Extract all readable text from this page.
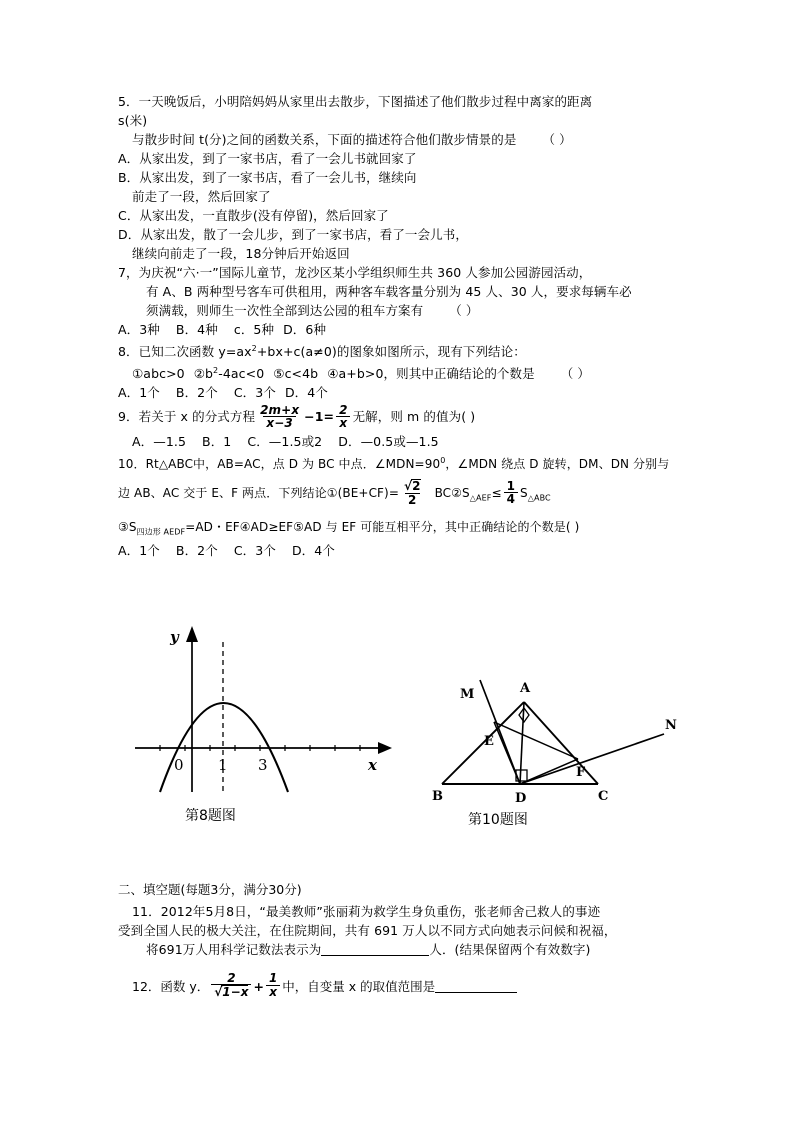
5．一天晚饭后，小明陪妈妈从家里出去散步，下图描述了他们散步过程中离家的距离
s(米)
与散步时间 t(分)之间的函数关系，下面的描述符合他们散步情景的是 （ ）
A．从家出发，到了一家书店，看了一会儿书就回家了
B．从家出发，到了一家书店，看了一会儿书，继续向
前走了一段，然后回家了
C．从家出发，一直散步(没有停留)，然后回家了
D．从家出发，散了一会儿步，到了一家书店，看了一会儿书，
继续向前走了一段，18分钟后开始返回
7，为庆祝“六·一”国际儿童节，龙沙区某小学组织师生共 360 人参加公园游园活动，
有 A、B 两种型号客车可供租用，两种客车载客量分别为 45 人、30 人，要求每辆车必
须满载，则师生一次性全部到达公园的租车方案有 （ ）
A．3种 B．4种 c．5种 D．6种
8．已知二次函数 $y=ax^2+bx+c(a\ne 0)$的图象如图所示，现有下列结论：
①abc>0 $②b^2-4ac<0$ ⑤c<4b ④a+b>0，则其中正确结论的个数是 （ ）
A．1个 B．2个 C．3个 D．4个
9．若关于 x 的分式方程 $\frac{2m+x}{x-3} -1= \frac{2}{x}$ 无解，则 m 的值为( )
A．—1.5 B．1 C．—1.5或2 D．—0.5或—1.5
10．Rt△ABC中，AB=AC，点 D 为 BC 中点．$\angle MDN=90^0$，∠MDN 绕点 D 旋转，DM、DN 分别与
边 AB、AC 交于 E、F 两点．下列结论①(BE+CF)= $\frac{√2}{2}$ $BC②S_{\triangle AEF}\le \frac{1}{4} S_{\triangle ABC}$
$③S_{四边形 AEDF}=AD$・EF④AD≥EF⑤AD 与 EF 可能互相平分，其中正确结论的个数是( )
A．1个 B．2个 C．3个 D．4个
y
x
0 1 3
第8题图
M	A
N
E
F
B	D	C
第10题图
二、填空题(每题3分，满分30分)
11．2012年5月8日，“最美教师”张丽莉为救学生身负重伤，张老师舍己救人的事迹
受到全国人民的极大关注，在住院期间，共有 691 万人以不同方式向她表示问候和祝福，
将691万人用科学记数法表示为	人．(结果保留两个有效数字)
12．函数 y． $\frac{2}{√1-x} + \frac{1}{x}$ 中，自变量 x 的取值范围是
